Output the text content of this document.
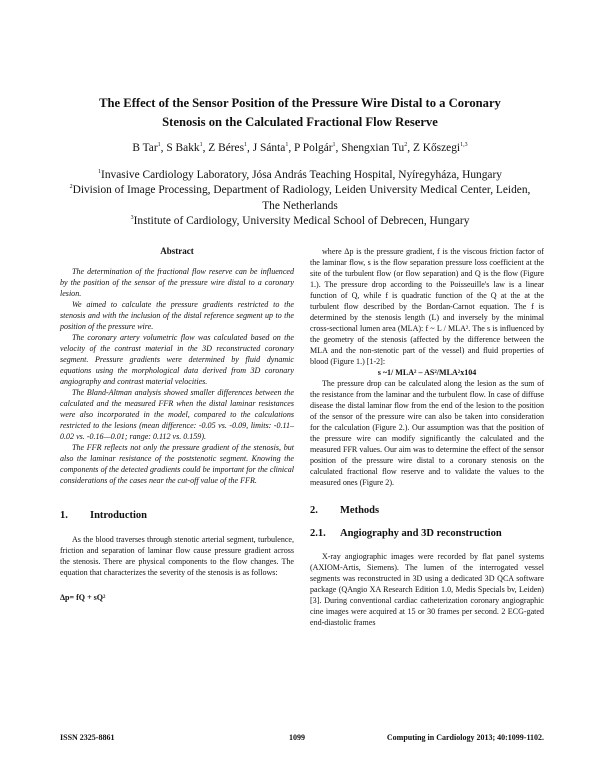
The Effect of the Sensor Position of the Pressure Wire Distal to a Coronary
Stenosis on the Calculated Fractional Flow Reserve
B Tar$^1$, S Bakk$^1$, Z Béres$^1$, J Sánta$^1$, P Polgár$^1$, Shengxian Tu$^2$, Z Kőszegi$^{1,3}$
$^1$Invasive Cardiology Laboratory, Jósa András Teaching Hospital, Nyíregyháza, Hungary
$^2$Division of Image Processing, Department of Radiology, Leiden University Medical Center, Leiden,
The Netherlands
$^3$Institute of Cardiology, University Medical School of Debrecen, Hungary
Abstract

The determination of the fractional flow reserve can be influenced by the position of the sensor of the pressure wire distal to a coronary lesion.

We aimed to calculate the pressure gradients restricted to the stenosis and with the inclusion of the distal reference segment up to the position of the pressure wire.

The coronary artery volumetric flow was calculated based on the velocity of the contrast material in the 3D reconstructed coronary segment. Pressure gradients were determined by fluid dynamic equations using the morphological data derived from 3D coronary angiography and contrast material velocities.

The Bland-Altman analysis showed smaller differences between the calculated and the measured FFR when the distal laminar resistances were also incorporated in the model, compared to the calculations restricted to the lesions (mean difference: -0.05 vs. -0.09, limits: -0.11–0.02 vs. -0.16—0.01; range: 0.112 vs. 0.159).

The FFR reflects not only the pressure gradient of the stenosis, but also the laminar resistance of the poststenotic segment. Knowing the components of the detected gradients could be important for the clinical considerations of the cases near the cut-off value of the FFR.

1.	Introduction

As the blood traverses through stenotic arterial segment, turbulence, friction and separation of laminar flow cause pressure gradient across the stenosis. There are physical components to the flow changes. The equation that characterizes the severity of the stenosis is as follows:

Δp= fQ + sQ²

where Δp is the pressure gradient, f is the viscous friction factor of the laminar flow, s is the flow separation pressure loss coefficient at the site of the turbulent flow (or flow separation) and Q is the flow (Figure 1.). The pressure drop according to the Poisseuille's law is a linear function of Q, while f is quadratic function of the Q at the at the turbulent flow described by the Bordan-Carnot equation. The f is determined by the stenosis length (L) and inversely by the minimal cross-sectional lumen area (MLA): f ~ L / MLA². The s is influenced by the geometry of the stenosis (affected by the difference between the MLA and the non-stenotic part of the vessel) and fluid properties of blood (Figure 1.) [1-2]:

s ~1/ MLA² – AS²/MLA²x104

The pressure drop can be calculated along the lesion as the sum of the resistance from the laminar and the turbulent flow. In case of diffuse disease the distal laminar flow from the end of the lesion to the position of the sensor of the pressure wire can also be taken into consideration for the calculation (Figure 2.). Our assumption was that the position of the pressure wire can modify significantly the calculated and the measured FFR values. Our aim was to determine the effect of the sensor position of the pressure wire distal to a coronary stenosis on the calculated fractional flow reserve and to validate the values to the measured ones (Figure 2).

2.	Methods
2.1.	Angiography and 3D reconstruction

X-ray angiographic images were recorded by flat panel systems (AXIOM-Artis, Siemens). The lumen of the interrogated vessel segments was reconstructed in 3D using a dedicated 3D QCA software package (QAngio XA Research Edition 1.0, Medis Specials bv, Leiden) [3]. During conventional cardiac catheterization coronary angiographic cine images were acquired at 15 or 30 frames per second. 2 ECG-gated end-diastolic frames

ISSN 2325-8861	1099	Computing in Cardiology 2013; 40:1099-1102.
